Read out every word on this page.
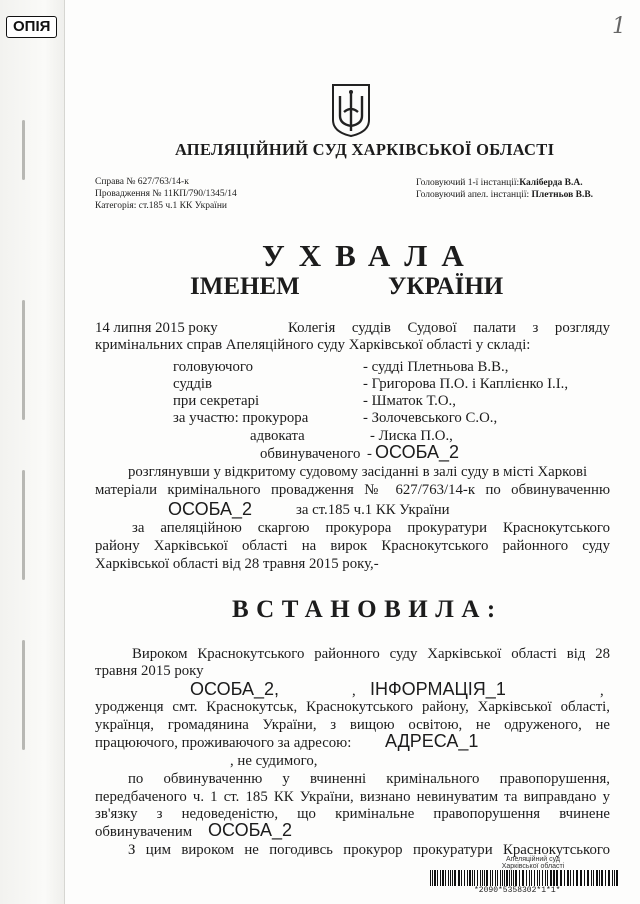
ОПІЯ	1
АПЕЛЯЦІЙНИЙ СУД ХАРКІВСЬКОЇ ОБЛАСТІ
Справа № 627/763/14-к
Провадження № 11КП/790/1345/14
Категорія: ст.185 ч.1 КК України
Головуючий 1-ї інстанції:Каліберда В.А.
Головуючий апел. інстанції: Плетньов В.В.
УХВАЛА
ІМЕНЕМ	УКРАЇНИ
14 липня 2015 року	Колегія суддів Судової палати з розгляду
кримінальних справ Апеляційного суду Харківської області у складі:
головуючого	- судді Плетньова В.В.,
суддів	- Григорова П.О. і Каплієнко І.І.,
при секретарі	- Шматок Т.О.,
за участю: прокурора	- Золочевського С.О.,
адвоката	- Лиска П.О.,
обвинуваченого - ОСОБА_2
розглянувши у відкритому судовому засіданні в залі суду в місті Харкові
матеріали кримінального провадження № 627/763/14-к по обвинуваченню
ОСОБА_2	за ст.185 ч.1 КК України
за апеляційною скаргою прокурора прокуратури Краснокутського
району Харківської області на вирок Краснокутського районного суду
Харківської області від 28 травня 2015 року,-
ВСТАНОВИЛА:
Вироком Краснокутського районного суду Харківської області від 28
травня 2015 року
ОСОБА_2,	, ІНФОРМАЦІЯ_1	,
уродженця смт. Краснокутськ, Краснокутського району, Харківської області,
українця, громадянина України, з вищою освітою, не одруженого, не
працюючого, проживаючого за адресою: АДРЕСА_1
, не судимого,
по обвинуваченню у вчиненні кримінального правопорушення,
передбаченого ч. 1 ст. 185 КК України, визнано невинуватим та виправдано у
зв'язку з недоведеністю, що кримінальне правопорушення вчинене
обвинуваченим ОСОБА_2
З цим вироком не погодивсь прокурор прокуратури Краснокутського
Апеляційний суд
Харківської області
*2090*5358302*1*1*
